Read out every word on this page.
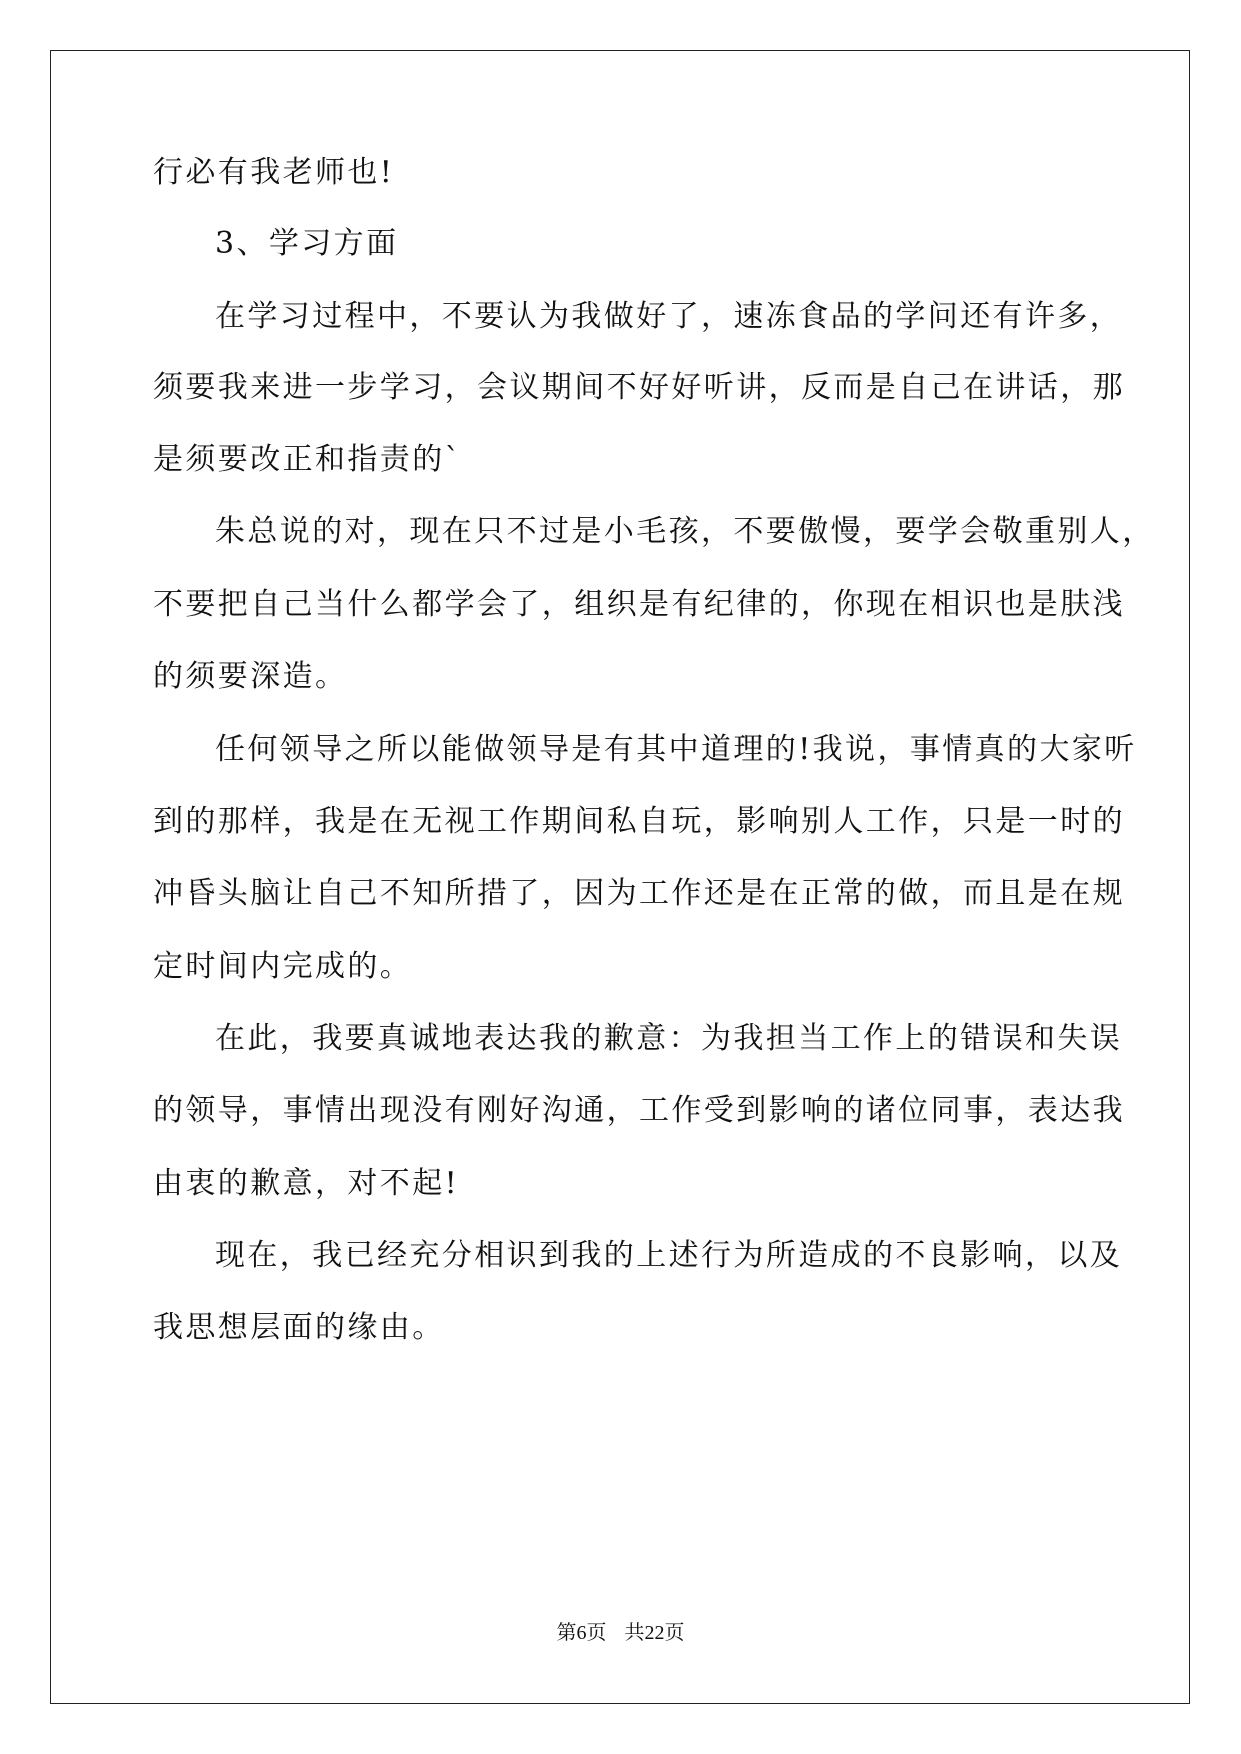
行必有我老师也!
3、学习方面
在学习过程中，不要认为我做好了，速冻食品的学问还有许多，
须要我来进一步学习，会议期间不好好听讲，反而是自己在讲话，那
是须要改正和指责的`
朱总说的对，现在只不过是小毛孩，不要傲慢，要学会敬重别人，
不要把自己当什么都学会了，组织是有纪律的，你现在相识也是肤浅
的须要深造。
任何领导之所以能做领导是有其中道理的!我说，事情真的大家听
到的那样，我是在无视工作期间私自玩，影响别人工作，只是一时的
冲昏头脑让自己不知所措了，因为工作还是在正常的做，而且是在规
定时间内完成的。
在此，我要真诚地表达我的歉意：为我担当工作上的错误和失误
的领导，事情出现没有刚好沟通，工作受到影响的诸位同事，表达我
由衷的歉意，对不起!
现在，我已经充分相识到我的上述行为所造成的不良影响，以及
我思想层面的缘由。
第6页 共22页
